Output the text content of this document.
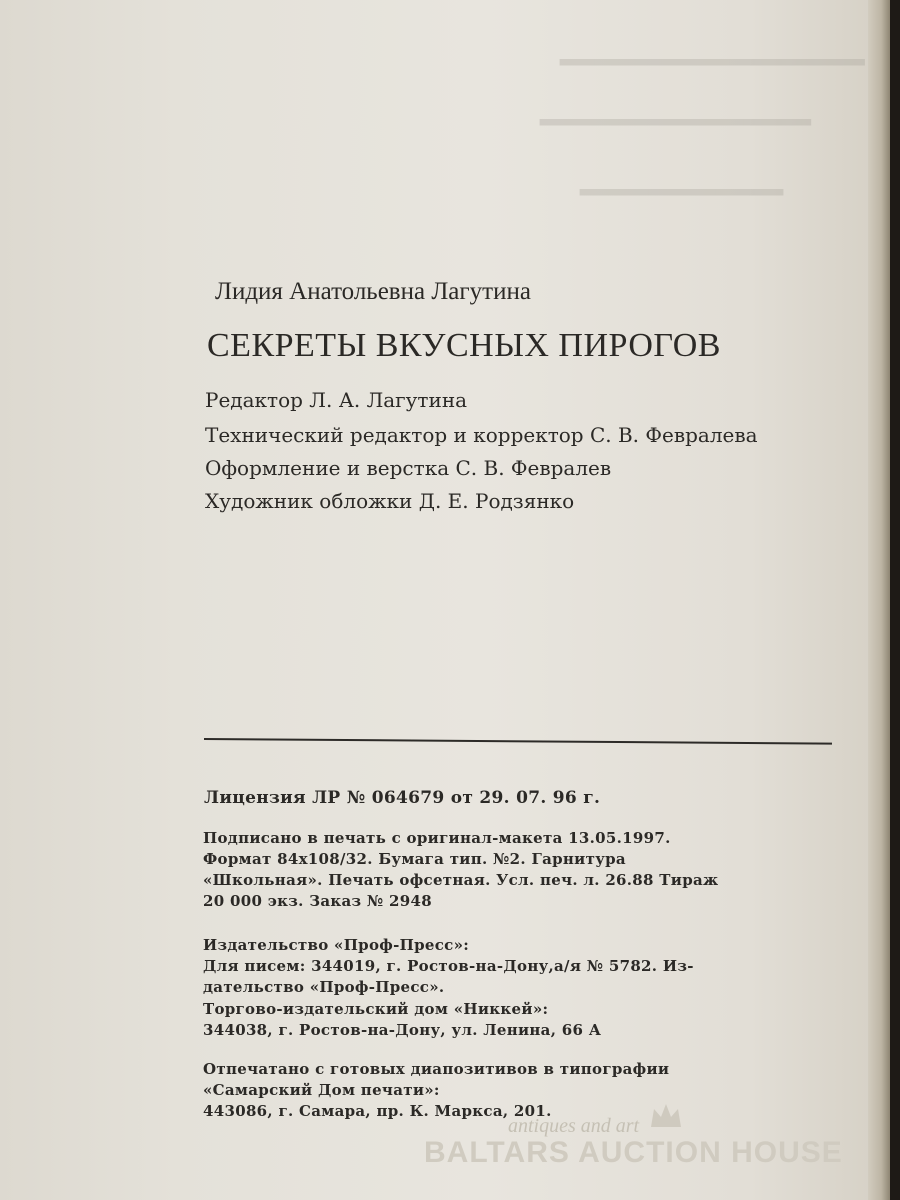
▔▔▔▔▔▔▔▔▔
▔▔▔▔▔▔▔▔
▔▔▔▔▔▔

Лидия Анатольевна Лагутина

СЕКРЕТЫ ВКУСНЫХ ПИРОГОВ

Редактор Л. А. Лагутина

Технический редактор и корректор С. В. Февралева

Оформление и верстка С. В. Февралев

Художник обложки Д. Е. Родзянко

Лицензия ЛР № 064679 от 29. 07. 96 г.

Подписано в печать с оригинал-макета 13.05.1997.

Формат 84х108/32. Бумага тип. №2. Гарнитура

«Школьная». Печать офсетная. Усл. печ. л. 26.88 Тираж

20 000 экз. Заказ № 2948

Издательство «Проф-Пресс»:

Для писем: 344019, г. Ростов-на-Дону,а/я № 5782. Из-

дательство «Проф-Пресс».

Торгово-издательский дом «Никкей»:

344038, г. Ростов-на-Дону, ул. Ленина, 66 А

Отпечатано с готовых диапозитивов в типографии

«Самарский Дом печати»:

443086, г. Самара, пр. К. Маркса, 201.

antiques and art
BALTARS AUCTION HOUSE
